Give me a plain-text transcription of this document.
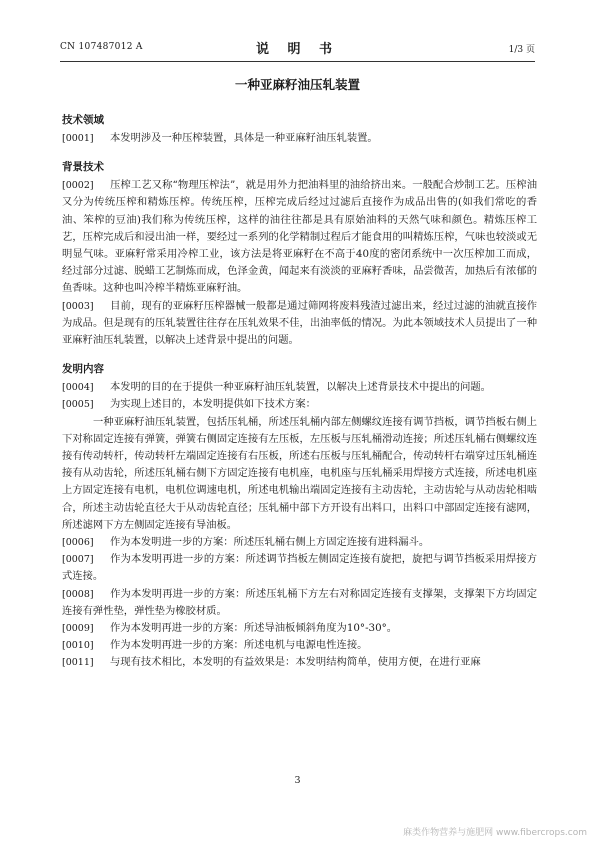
CN 107487012 A	说 明 书	1/3 页
一种亚麻籽油压轧装置
技术领域

[0001] 本发明涉及一种压榨装置，具体是一种亚麻籽油压轧装置。

背景技术

[0002] 压榨工艺又称“物理压榨法”，就是用外力把油料里的油给挤出来。一般配合炒制工艺。压榨油又分为传统压榨和精炼压榨。传统压榨，压榨完成后经过过滤后直接作为成品出售的(如我们常吃的香油、笨榨的豆油)我们称为传统压榨，这样的油往往都是具有原始油料的天然气味和颜色。精炼压榨工艺，压榨完成后和浸出油一样，要经过一系列的化学精制过程后才能食用的叫精炼压榨，气味也较淡或无明显气味。亚麻籽常采用冷榨工业，该方法是将亚麻籽在不高于40度的密闭系统中一次压榨加工而成，经过部分过滤、脱蜡工艺制炼而成，色泽金黄，闻起来有淡淡的亚麻籽香味，品尝微苦，加热后有浓郁的鱼香味。这种也叫冷榨半精炼亚麻籽油。

[0003] 目前，现有的亚麻籽压榨器械一般都是通过筛网将废料残渣过滤出来，经过过滤的油就直接作为成品。但是现有的压轧装置往往存在压轧效果不佳，出油率低的情况。为此本领域技术人员提出了一种亚麻籽油压轧装置，以解决上述背景中提出的问题。

发明内容

[0004] 本发明的目的在于提供一种亚麻籽油压轧装置，以解决上述背景技术中提出的问题。

[0005] 为实现上述目的，本发明提供如下技术方案：

一种亚麻籽油压轧装置，包括压轧桶，所述压轧桶内部左侧螺纹连接有调节挡板，调节挡板右侧上下对称固定连接有弹簧，弹簧右侧固定连接有左压板，左压板与压轧桶滑动连接；所述压轧桶右侧螺纹连接有传动转杆，传动转杆左端固定连接有右压板，所述右压板与压轧桶配合，传动转杆右端穿过压轧桶连接有从动齿轮，所述压轧桶右侧下方固定连接有电机座，电机座与压轧桶采用焊接方式连接，所述电机座上方固定连接有电机，电机位调速电机，所述电机输出端固定连接有主动齿轮，主动齿轮与从动齿轮相啮合，所述主动齿轮直径大于从动齿轮直径；压轧桶中部下方开设有出料口，出料口中部固定连接有滤网，所述滤网下方左侧固定连接有导油板。

[0006] 作为本发明进一步的方案：所述压轧桶右侧上方固定连接有进料漏斗。

[0007] 作为本发明再进一步的方案：所述调节挡板左侧固定连接有旋把，旋把与调节挡板采用焊接方式连接。

[0008] 作为本发明再进一步的方案：所述压轧桶下方左右对称固定连接有支撑架，支撑架下方均固定连接有弹性垫，弹性垫为橡胶材质。

[0009] 作为本发明再进一步的方案：所述导油板倾斜角度为10°-30°。

[0010] 作为本发明再进一步的方案：所述电机与电源电性连接。

[0011] 与现有技术相比，本发明的有益效果是：本发明结构简单，使用方便，在进行亚麻

3
麻类作物营养与施肥网 www.fibercrops.com
